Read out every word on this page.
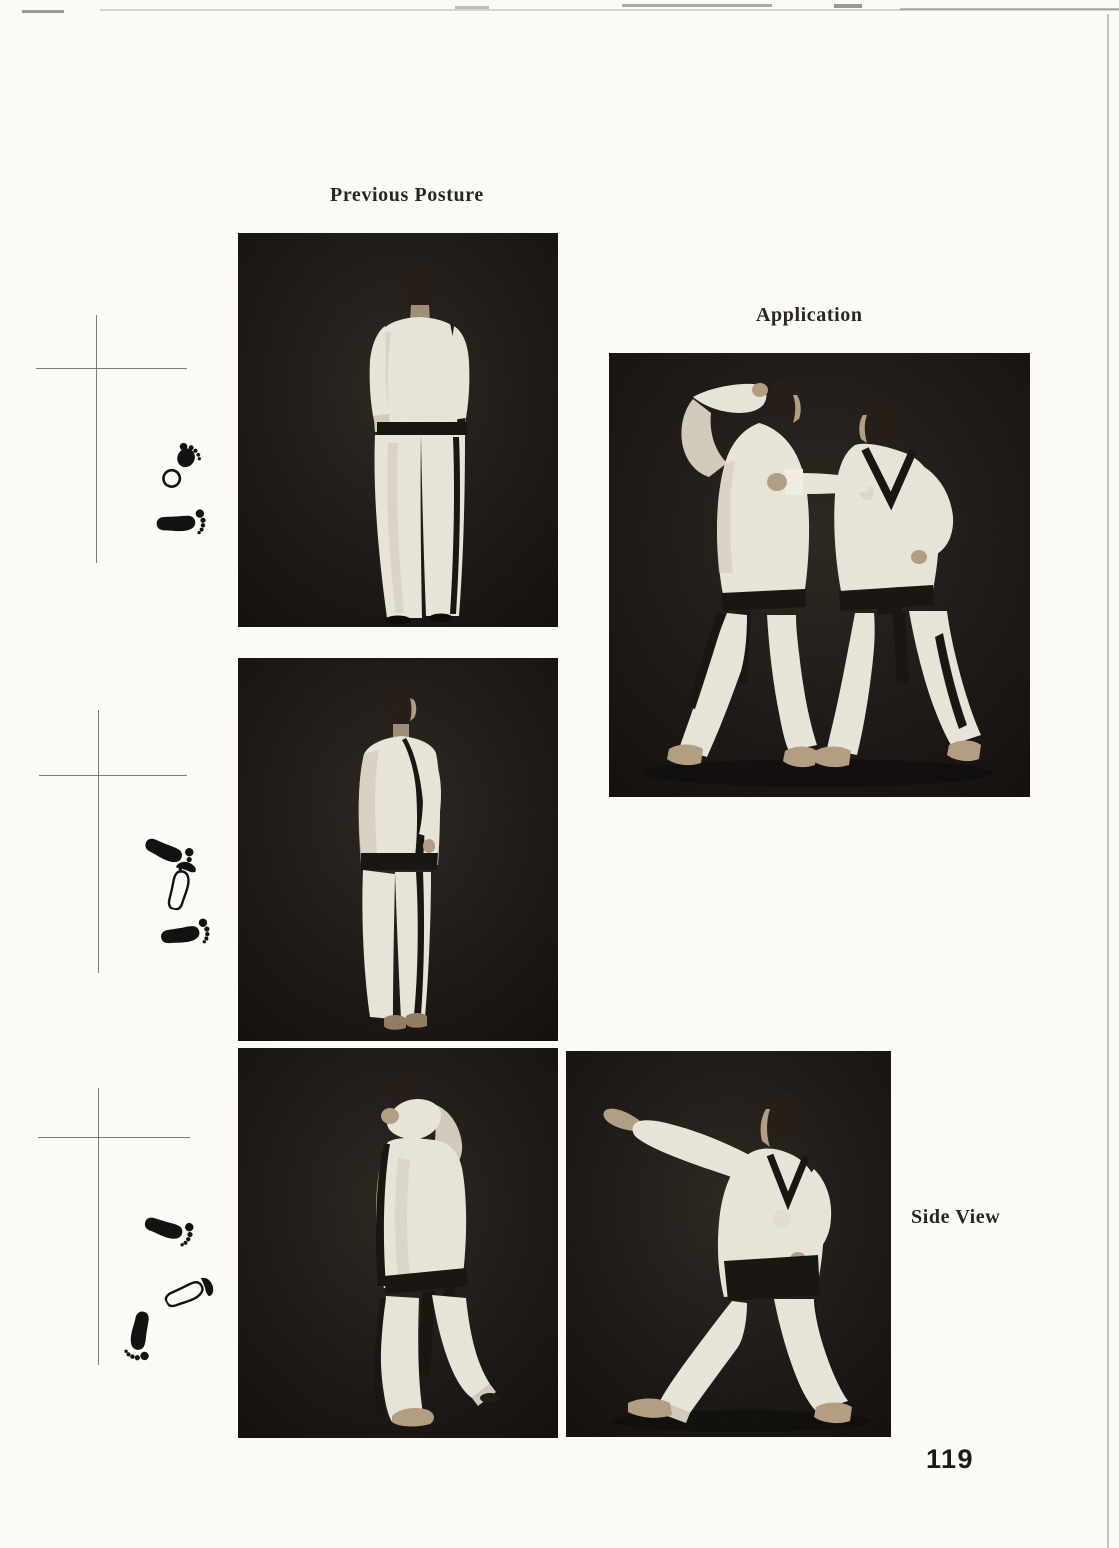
Previous Posture
Application
Side View
119
